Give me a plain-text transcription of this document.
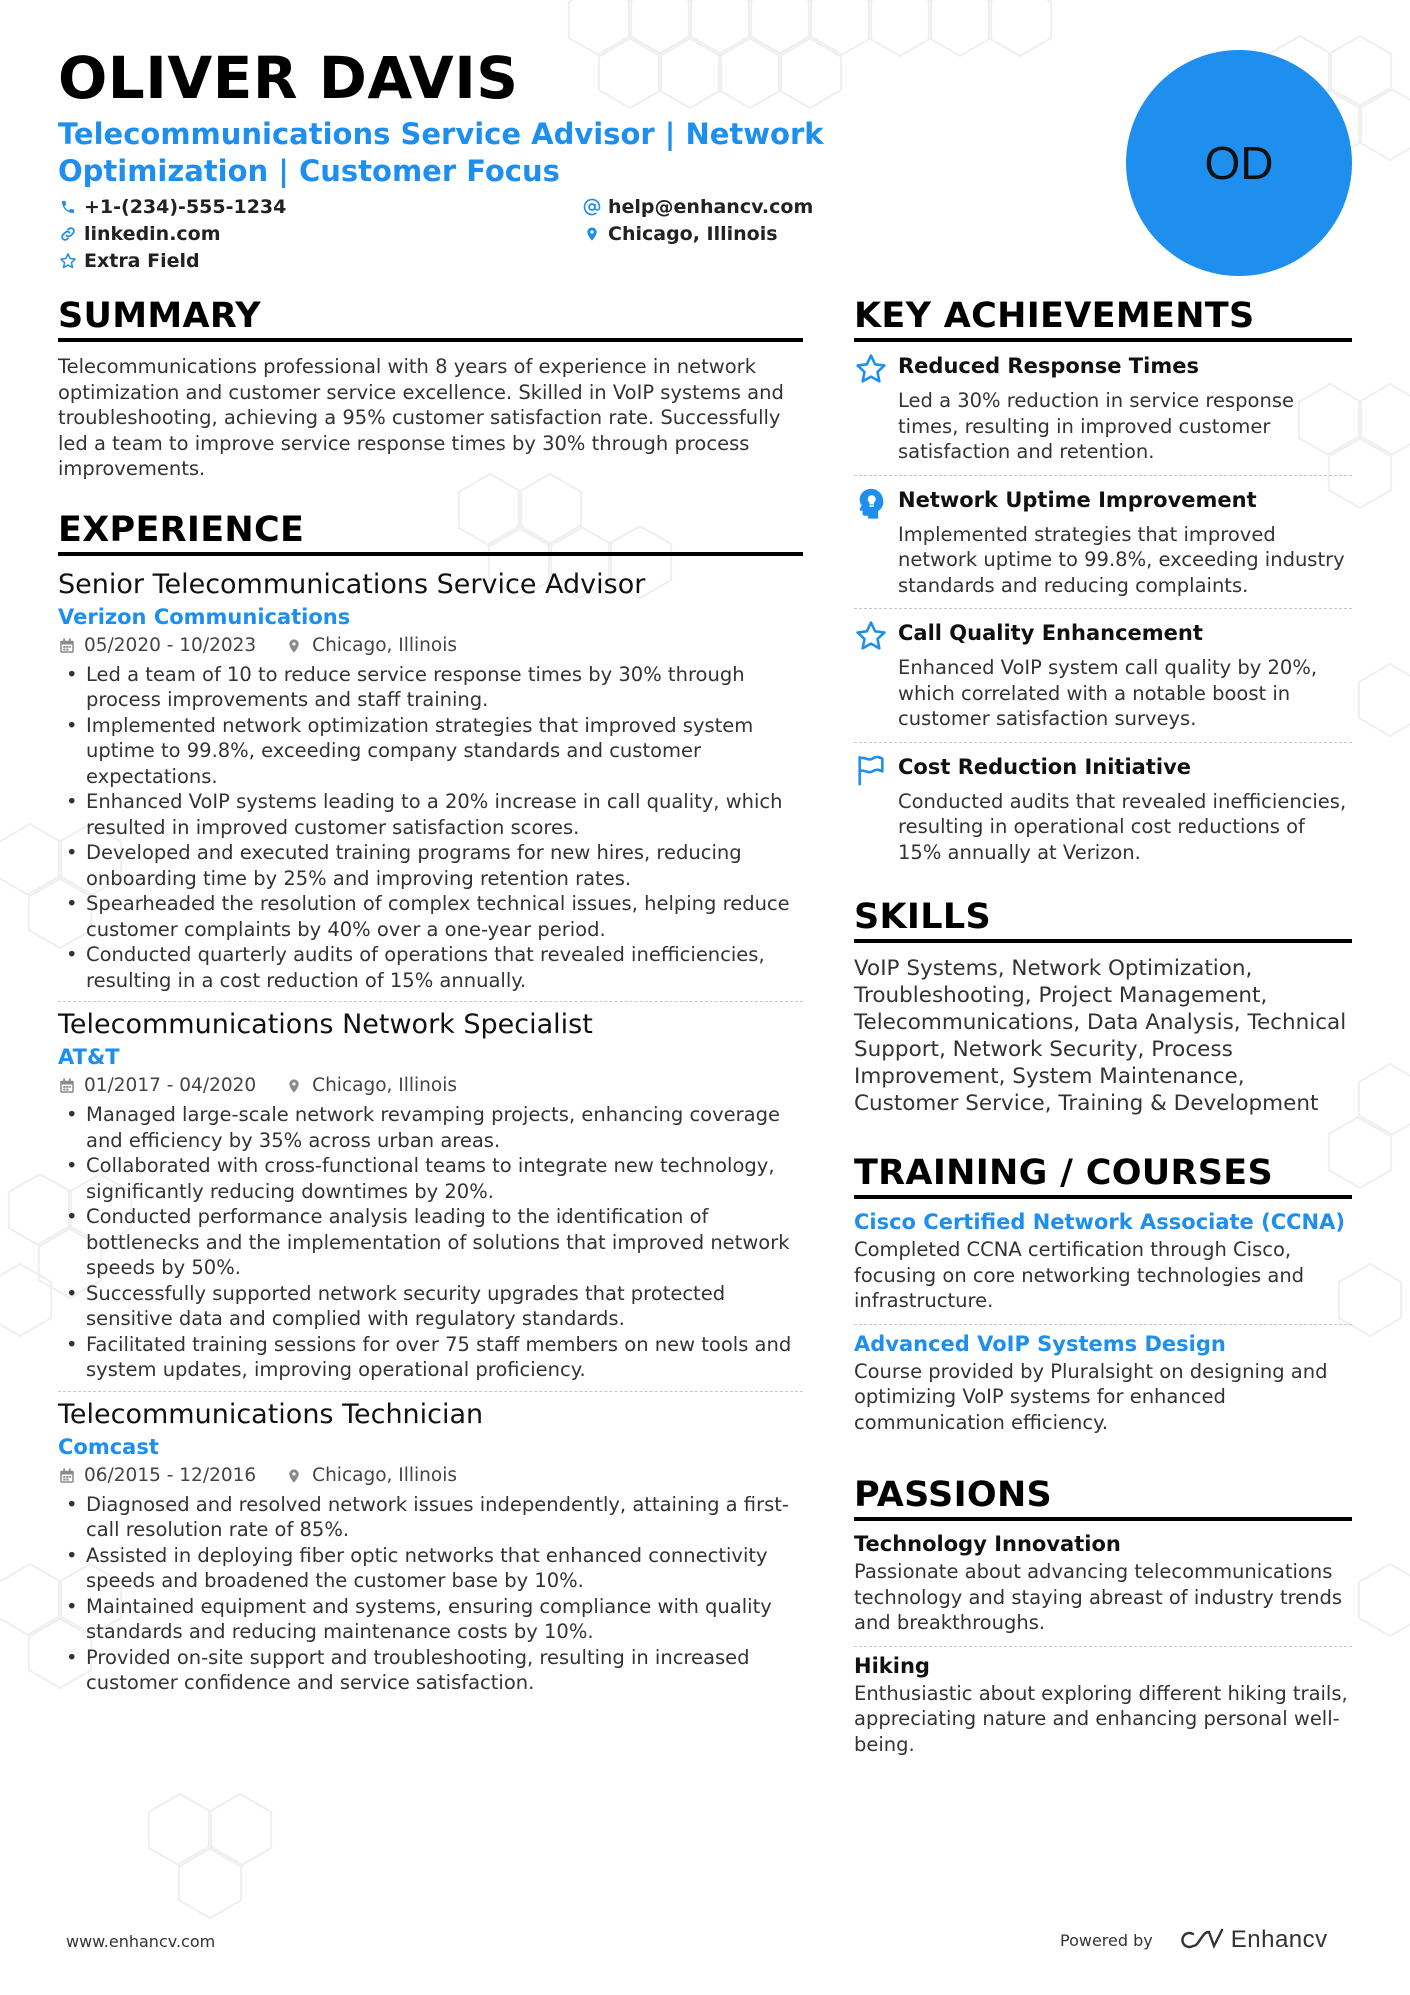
OLIVER DAVIS
Telecommunications Service Advisor | Network Optimization | Customer Focus
+1-(234)-555-1234
linkedin.com
Extra Field
help@enhancv.com
Chicago, Illinois
OD
SUMMARY
Telecommunications professional with 8 years of experience in network optimization and customer service excellence. Skilled in VoIP systems and troubleshooting, achieving a 95% customer satisfaction rate. Successfully led a team to improve service response times by 30% through process improvements.
EXPERIENCE
Senior Telecommunications Service Advisor
Verizon Communications
05/2020 - 10/2023	Chicago, Illinois
• Led a team of 10 to reduce service response times by 30% through process improvements and staff training.
• Implemented network optimization strategies that improved system uptime to 99.8%, exceeding company standards and customer expectations.
• Enhanced VoIP systems leading to a 20% increase in call quality, which resulted in improved customer satisfaction scores.
• Developed and executed training programs for new hires, reducing onboarding time by 25% and improving retention rates.
• Spearheaded the resolution of complex technical issues, helping reduce customer complaints by 40% over a one-year period.
• Conducted quarterly audits of operations that revealed inefficiencies, resulting in a cost reduction of 15% annually.
Telecommunications Network Specialist
AT&T
01/2017 - 04/2020	Chicago, Illinois
• Managed large-scale network revamping projects, enhancing coverage and efficiency by 35% across urban areas.
• Collaborated with cross-functional teams to integrate new technology, significantly reducing downtimes by 20%.
• Conducted performance analysis leading to the identification of bottlenecks and the implementation of solutions that improved network speeds by 50%.
• Successfully supported network security upgrades that protected sensitive data and complied with regulatory standards.
• Facilitated training sessions for over 75 staff members on new tools and system updates, improving operational proficiency.
Telecommunications Technician
Comcast
06/2015 - 12/2016	Chicago, Illinois
• Diagnosed and resolved network issues independently, attaining a first-call resolution rate of 85%.
• Assisted in deploying fiber optic networks that enhanced connectivity speeds and broadened the customer base by 10%.
• Maintained equipment and systems, ensuring compliance with quality standards and reducing maintenance costs by 10%.
• Provided on-site support and troubleshooting, resulting in increased customer confidence and service satisfaction.
KEY ACHIEVEMENTS
Reduced Response Times
Led a 30% reduction in service response times, resulting in improved customer satisfaction and retention.
Network Uptime Improvement
Implemented strategies that improved network uptime to 99.8%, exceeding industry standards and reducing complaints.
Call Quality Enhancement
Enhanced VoIP system call quality by 20%, which correlated with a notable boost in customer satisfaction surveys.
Cost Reduction Initiative
Conducted audits that revealed inefficiencies, resulting in operational cost reductions of 15% annually at Verizon.
SKILLS
VoIP Systems, Network Optimization, Troubleshooting, Project Management, Telecommunications, Data Analysis, Technical Support, Network Security, Process Improvement, System Maintenance, Customer Service, Training & Development
TRAINING / COURSES
Cisco Certified Network Associate (CCNA)
Completed CCNA certification through Cisco, focusing on core networking technologies and infrastructure.
Advanced VoIP Systems Design
Course provided by Pluralsight on designing and optimizing VoIP systems for enhanced communication efficiency.
PASSIONS
Technology Innovation
Passionate about advancing telecommunications technology and staying abreast of industry trends and breakthroughs.
Hiking
Enthusiastic about exploring different hiking trails, appreciating nature and enhancing personal well-being.
www.enhancv.com	Powered by	Enhancv
